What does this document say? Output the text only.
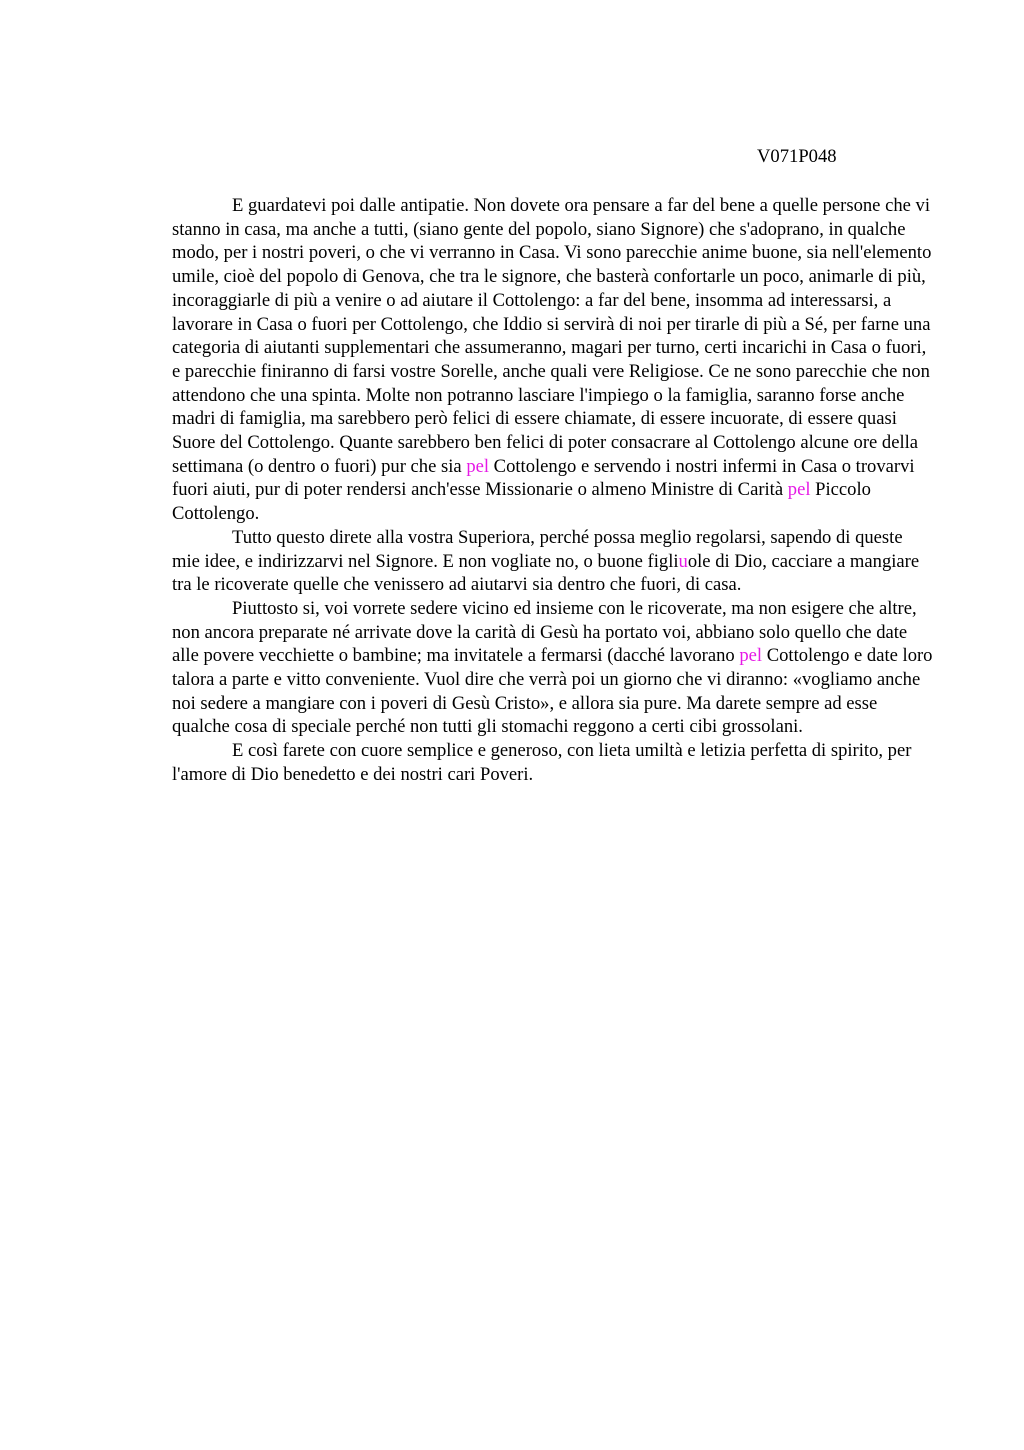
V071P048

E guardatevi poi dalle antipatie. Non dovete ora pensare a far del bene a quelle persone che vi stanno in casa, ma anche a tutti, (siano gente del popolo, siano Signore) che s'adoprano, in qualche modo, per i nostri poveri, o che vi verranno in Casa. Vi sono parecchie anime buone, sia nell'elemento umile, cioè del popolo di Genova, che tra le signore, che basterà confortarle un poco, animarle di più, incoraggiarle di più a venire o ad aiutare il Cottolengo: a far del bene, insomma ad interessarsi, a lavorare in Casa o fuori per Cottolengo, che Iddio si servirà di noi per tirarle di più a Sé, per farne una categoria di aiutanti supplementari che assumeranno, magari per turno, certi incarichi in Casa o fuori, e parecchie finiranno di farsi vostre Sorelle, anche quali vere Religiose. Ce ne sono parecchie che non attendono che una spinta. Molte non potranno lasciare l'impiego o la famiglia, saranno forse anche madri di famiglia, ma sarebbero però felici di essere chiamate, di essere incuorate, di essere quasi Suore del Cottolengo. Quante sarebbero ben felici di poter consacrare al Cottolengo alcune ore della settimana (o dentro o fuori) pur che sia pel Cottolengo e servendo i nostri infermi in Casa o trovarvi fuori aiuti, pur di poter rendersi anch'esse Missionarie o almeno Ministre di Carità pel Piccolo Cottolengo.

Tutto questo direte alla vostra Superiora, perché possa meglio regolarsi, sapendo di queste mie idee, e indirizzarvi nel Signore. E non vogliate no, o buone figliuole di Dio, cacciare a mangiare tra le ricoverate quelle che venissero ad aiutarvi sia dentro che fuori, di casa.

Piuttosto si, voi vorrete sedere vicino ed insieme con le ricoverate, ma non esigere che altre, non ancora preparate né arrivate dove la carità di Gesù ha portato voi, abbiano solo quello che date alle povere vecchiette o bambine; ma invitatele a fermarsi (dacché lavorano pel Cottolengo e date loro talora a parte e vitto conveniente. Vuol dire che verrà poi un giorno che vi diranno: «vogliamo anche noi sedere a mangiare con i poveri di Gesù Cristo», e allora sia pure. Ma darete sempre ad esse qualche cosa di speciale perché non tutti gli stomachi reggono a certi cibi grossolani.

E così farete con cuore semplice e generoso, con lieta umiltà e letizia perfetta di spirito, per l'amore di Dio benedetto e dei nostri cari Poveri.
